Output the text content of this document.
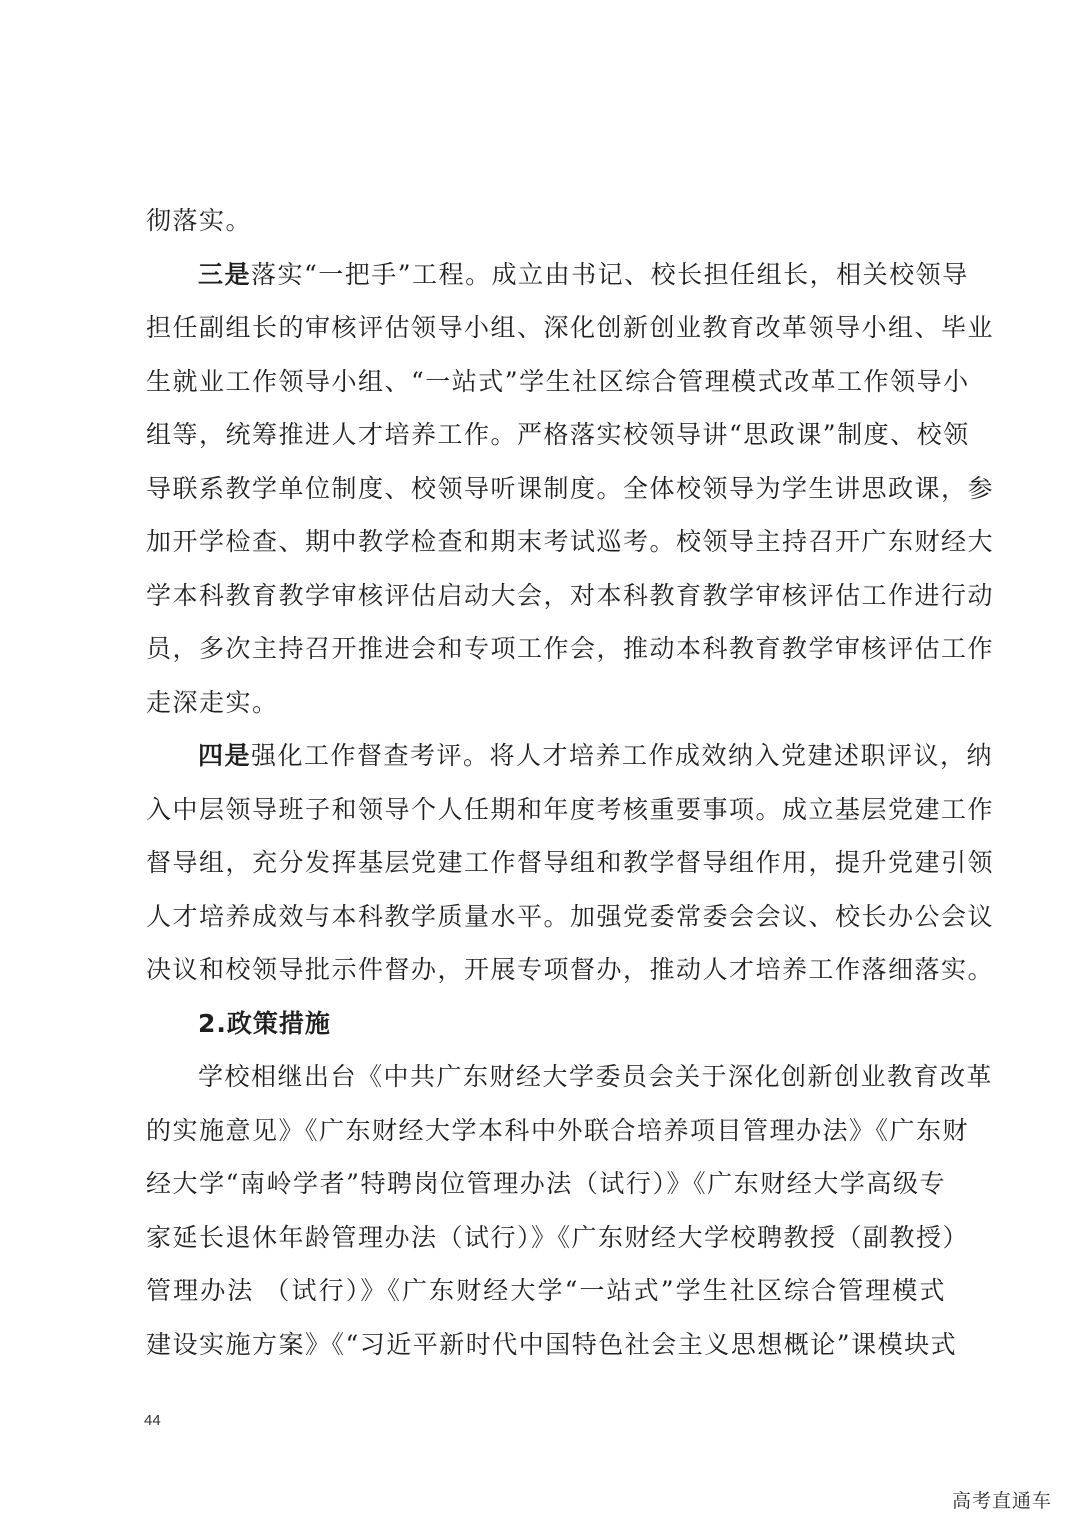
彻落实。
三是落实“一把手”工程。成立由书记、校长担任组长，相关校领导
担任副组长的审核评估领导小组、深化创新创业教育改革领导小组、毕业
生就业工作领导小组、“一站式”学生社区综合管理模式改革工作领导小
组等，统筹推进人才培养工作。严格落实校领导讲“思政课”制度、校领
导联系教学单位制度、校领导听课制度。全体校领导为学生讲思政课，参
加开学检查、期中教学检查和期末考试巡考。校领导主持召开广东财经大
学本科教育教学审核评估启动大会，对本科教育教学审核评估工作进行动
员，多次主持召开推进会和专项工作会，推动本科教育教学审核评估工作
走深走实。
四是强化工作督查考评。将人才培养工作成效纳入党建述职评议，纳
入中层领导班子和领导个人任期和年度考核重要事项。成立基层党建工作
督导组，充分发挥基层党建工作督导组和教学督导组作用，提升党建引领
人才培养成效与本科教学质量水平。加强党委常委会会议、校长办公会议
决议和校领导批示件督办，开展专项督办，推动人才培养工作落细落实。
2.政策措施
学校相继出台《中共广东财经大学委员会关于深化创新创业教育改革
的实施意见》《广东财经大学本科中外联合培养项目管理办法》《广东财
经大学“南岭学者”特聘岗位管理办法（试行）》《广东财经大学高级专
家延长退休年龄管理办法（试行）》《广东财经大学校聘教授（副教授）
管理办法 （试行）》《广东财经大学“一站式”学生社区综合管理模式
建设实施方案》《“习近平新时代中国特色社会主义思想概论”课模块式
44
高考直通车
